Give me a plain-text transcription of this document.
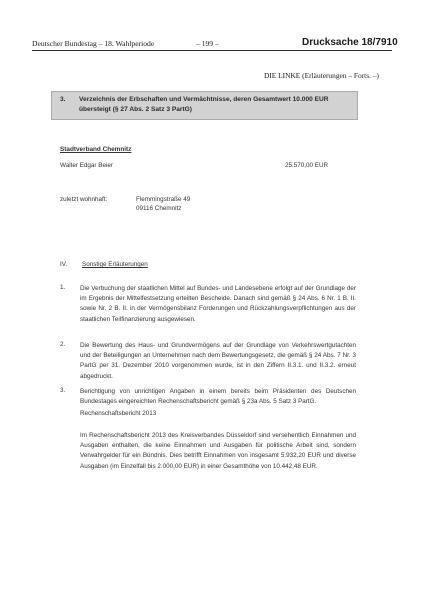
Deutscher Bundestag – 18. Wahlperiode	– 199 –	Drucksache 18/7910
DIE LINKE (Erläuterungen – Forts. –)
3. Verzeichnis der Erbschaften und Vermächtnisse, deren Gesamtwert 10.000 EUR
übersteigt (§ 27 Abs. 2 Satz 3 PartG)
Stadtverband Chemnitz
Walter Edgar Beier	25.570,00 EUR
zuletzt wohnhaft:	Flemmingstraße 49
09116 Chemnitz
IV. Sonstige Erläuterungen
1. Die Verbuchung der staatlichen Mittel auf Bundes- und Landesebene erfolgt auf der Grundlage der im Ergebnis der Mittelfestsetzung erteilten Bescheide. Danach sind gemäß § 24 Abs. 6 Nr. 1 B. II. sowie Nr. 2 B. II. in der Vermögensbilanz Forderungen und Rückzahlungsverpflichtungen aus der staatlichen Teilfinanzierung ausgewiesen.
2. Die Bewertung des Haus- und Grundvermögens auf der Grundlage von Verkehrswertgutachten und der Beteiligungen an Unternehmen nach dem Bewertungsgesetz, die gemäß § 24 Abs. 7 Nr. 3 PartG per 31. Dezember 2010 vorgenommen wurde, ist in den Ziffern II.3.1. und II.3.2. erneut abgedruckt.
3. Berichtigung von unrichtigen Angaben in einem bereits beim Präsidenten des Deutschen Bundestages eingereichten Rechenschaftsbericht gemäß § 23a Abs. 5 Satz 3 PartG.
Rechenschaftsbericht 2013
Im Rechenschaftsbericht 2013 des Kreisverbandes Düsseldorf sind versehentlich Einnahmen und Ausgaben enthalten, die keine Einnahmen und Ausgaben für politische Arbeit sind, sondern Verwahrgelder für ein Bündnis. Dies betrifft Einnahmen von insgesamt 5.932,20 EUR und diverse Ausgaben (im Einzelfall bis 2.000,00 EUR) in einer Gesamthöhe von 10.442,48 EUR.
